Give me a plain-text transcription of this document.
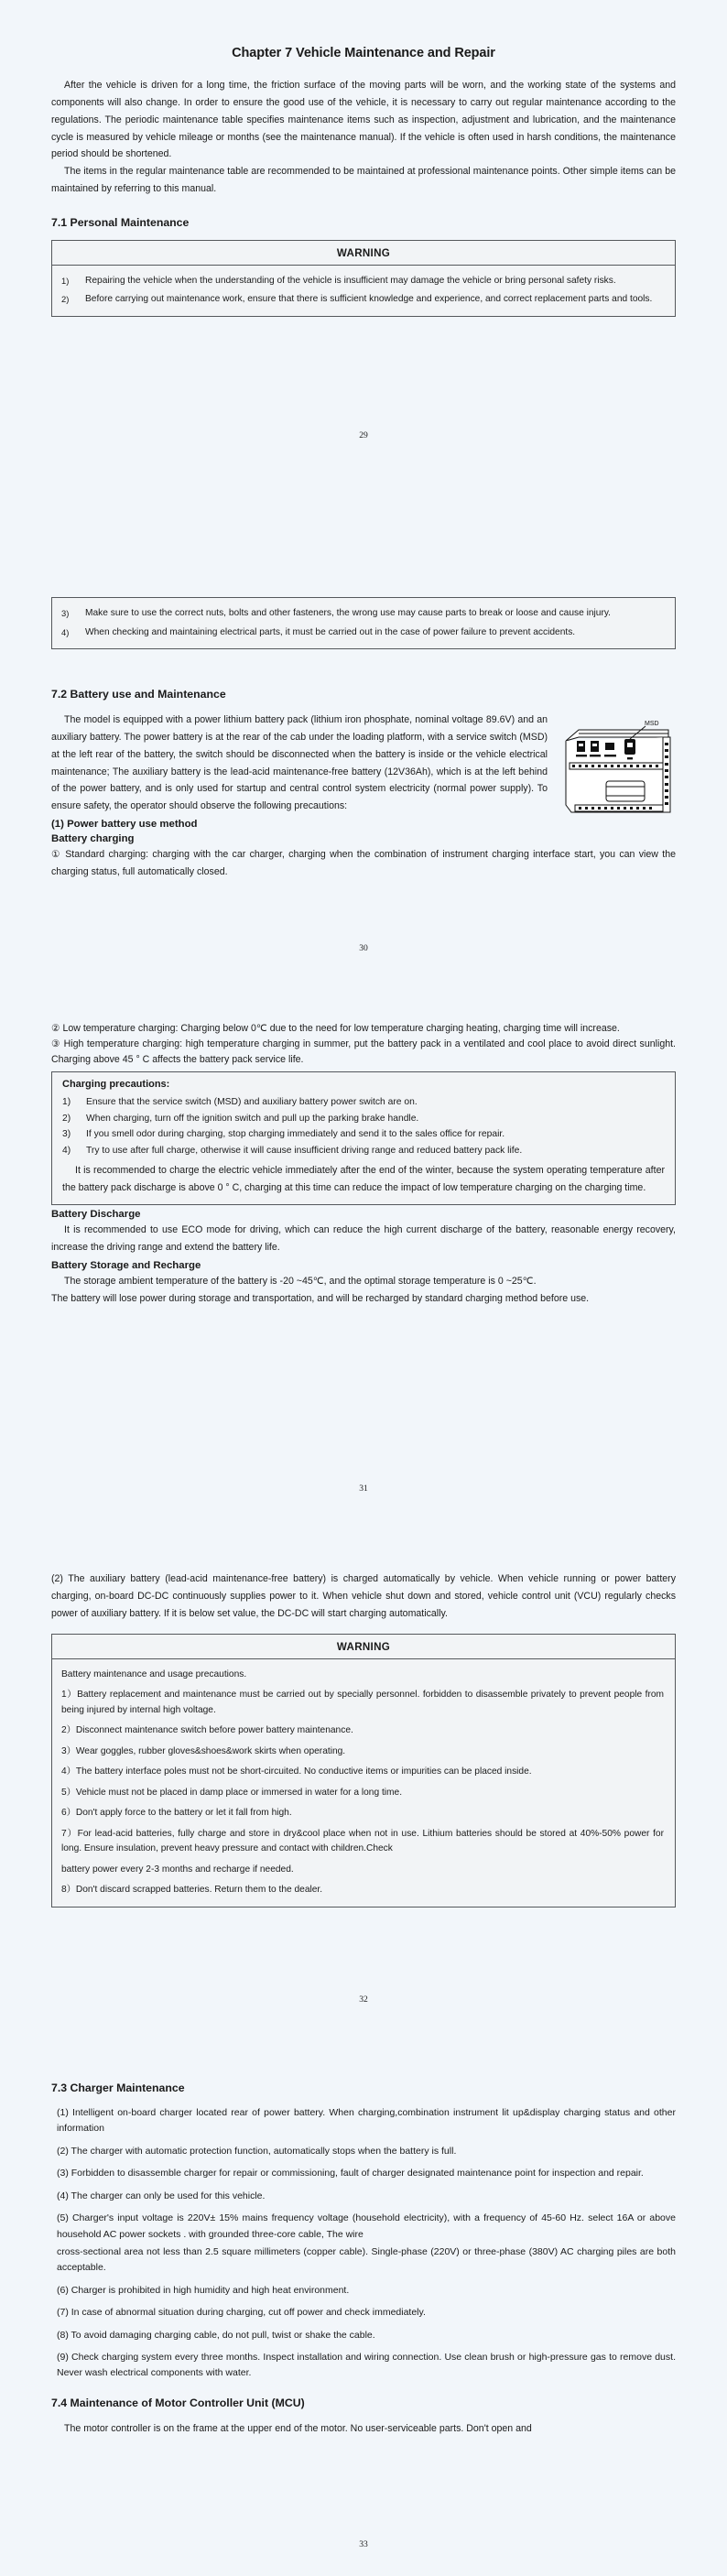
Chapter 7 Vehicle Maintenance and Repair

After the vehicle is driven for a long time, the friction surface of the moving parts will be worn, and the working state of the systems and components will also change. In order to ensure the good use of the vehicle, it is necessary to carry out regular maintenance according to the regulations. The periodic maintenance table specifies maintenance items such as inspection, adjustment and lubrication, and the maintenance cycle is measured by vehicle mileage or months (see the maintenance manual). If the vehicle is often used in harsh conditions, the maintenance period should be shortened.

The items in the regular maintenance table are recommended to be maintained at professional maintenance points. Other simple items can be maintained by referring to this manual.

7.1 Personal Maintenance
WARNING
1)	Repairing the vehicle when the understanding of the vehicle is insufficient may damage the vehicle or bring personal safety risks.
2)	Before carrying out maintenance work, ensure that there is sufficient knowledge and experience, and correct replacement parts and tools.
29
3)	Make sure to use the correct nuts, bolts and other fasteners, the wrong use may cause parts to break or loose and cause injury.
4)	When checking and maintaining electrical parts, it must be carried out in the case of power failure to prevent accidents.
7.2 Battery use and Maintenance
MSD

The model is equipped with a power lithium battery pack (lithium iron phosphate, nominal voltage 89.6V) and an auxiliary battery. The power battery is at the rear of the cab under the loading platform, with a service switch (MSD) at the left rear of the battery, the switch should be disconnected when the battery is inside or the vehicle electrical maintenance; The auxiliary battery is the lead-acid maintenance-free battery (12V36Ah), which is at the left behind of the power battery, and is only used for startup and central control system electricity (normal power supply). To ensure safety, the operator should observe the following precautions:

(1) Power battery use method
Battery charging

① Standard charging: charging with the car charger, charging when the combination of instrument charging interface start, you can view the charging status, full automatically closed.

30

② Low temperature charging: Charging below 0℃ due to the need for low temperature charging heating, charging time will increase.

③ High temperature charging: high temperature charging in summer, put the battery pack in a ventilated and cool place to avoid direct sunlight. Charging above 45 ° C affects the battery pack service life.

Charging precautions:
1)	Ensure that the service switch (MSD) and auxiliary battery power switch are on.
2)	When charging, turn off the ignition switch and pull up the parking brake handle.
3)	If you smell odor during charging, stop charging immediately and send it to the sales office for repair.
4)	Try to use after full charge, otherwise it will cause insufficient driving range and reduced battery pack life.

It is recommended to charge the electric vehicle immediately after the end of the winter, because the system operating temperature after the battery pack discharge is above 0 ° C, charging at this time can reduce the impact of low temperature charging on the charging time.

Battery Discharge

It is recommended to use ECO mode for driving, which can reduce the high current discharge of the battery, reasonable energy recovery, increase the driving range and extend the battery life.

Battery Storage and Recharge

The storage ambient temperature of the battery is -20 ~45℃, and the optimal storage temperature is 0 ~25℃.

The battery will lose power during storage and transportation, and will be recharged by standard charging method before use.

31

(2) The auxiliary battery (lead-acid maintenance-free battery) is charged automatically by vehicle. When vehicle running or power battery charging, on-board DC-DC continuously supplies power to it. When vehicle shut down and stored, vehicle control unit (VCU) regularly checks power of auxiliary battery. If it is below set value, the DC-DC will start charging automatically.

WARNING

Battery maintenance and usage precautions.

1）Battery replacement and maintenance must be carried out by specially personnel. forbidden to disassemble privately to prevent people from being injured by internal high voltage.

2）Disconnect maintenance switch before power battery maintenance.

3）Wear goggles, rubber gloves&shoes&work skirts when operating.

4）The battery interface poles must not be short-circuited. No conductive items or impurities can be placed inside.

5）Vehicle must not be placed in damp place or immersed in water for a long time.

6）Don't apply force to the battery or let it fall from high.

7）For lead-acid batteries, fully charge and store in dry&cool place when not in use. Lithium batteries should be stored at 40%-50% power for long. Ensure insulation, prevent heavy pressure and contact with children.Check

battery power every 2-3 months and recharge if needed.

8）Don't discard scrapped batteries. Return them to the dealer.

32
7.3 Charger Maintenance

(1) Intelligent on-board charger located rear of power battery. When charging,combination instrument lit up&display charging status and other information

(2) The charger with automatic protection function, automatically stops when the battery is full.

(3) Forbidden to disassemble charger for repair or commissioning, fault of charger designated maintenance point for inspection and repair.

(4) The charger can only be used for this vehicle.

(5) Charger's input voltage is 220V± 15% mains frequency voltage (household electricity), with a frequency of 45-60 Hz. select 16A or above household AC power sockets . with grounded three-core cable, The wire

cross-sectional area not less than 2.5 square millimeters (copper cable). Single-phase (220V) or three-phase (380V) AC charging piles are both acceptable.

(6) Charger is prohibited in high humidity and high heat environment.

(7) In case of abnormal situation during charging, cut off power and check immediately.

(8) To avoid damaging charging cable, do not pull, twist or shake the cable.

(9) Check charging system every three months. Inspect installation and wiring connection. Use clean brush or high-pressure gas to remove dust. Never wash electrical components with water.

7.4 Maintenance of Motor Controller Unit (MCU)

The motor controller is on the frame at the upper end of the motor. No user-serviceable parts. Don't open and

33
